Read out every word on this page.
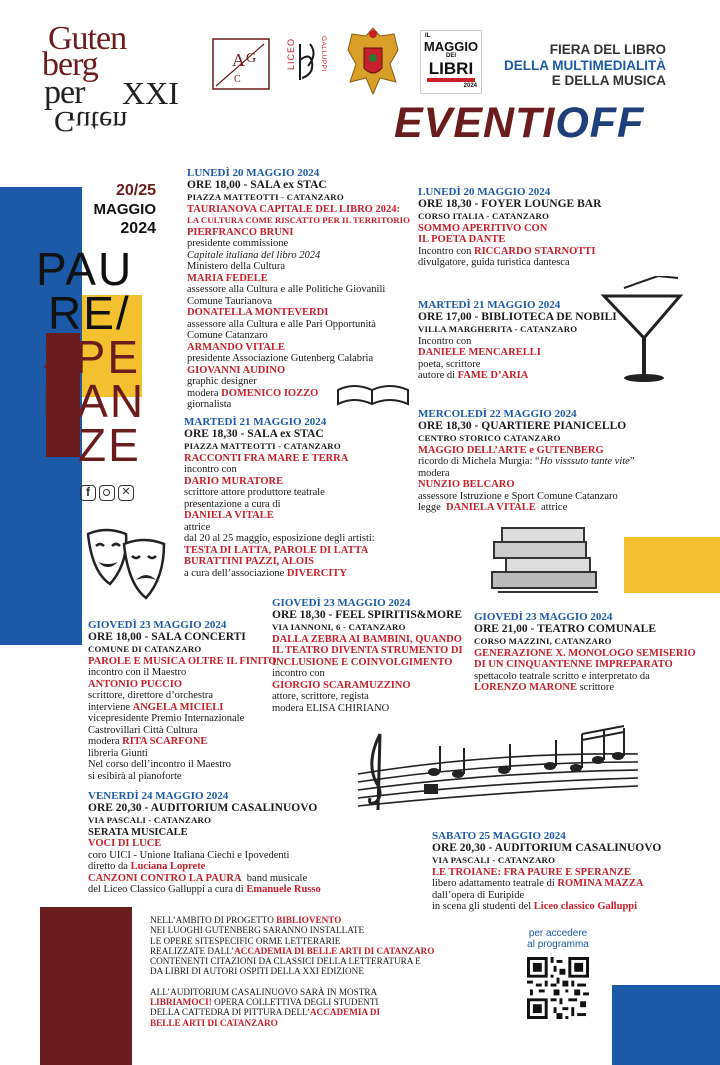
Guten
berg
per XXI
Guten
A G
C
LICEO	GALLUPPI	IL
MAGGIO
DEI
LIBRI
2024
FIERA DEL LIBRO
DELLA MULTIMEDIALITÀ
E DELLA MUSICA
EVENTIOFF
20/25
MAGGIO
2024
PAU
RE/
SPE
RAN
ZE
f	✕
LUNEDÌ 20 MAGGIO 2024
ORE 18,00 - SALA ex STAC
PIAZZA MATTEOTTI - CATANZARO
TAURIANOVA CAPITALE DEL LIBRO 2024:
LA CULTURA COME RISCATTO PER IL TERRITORIO
PIERFRANCO BRUNI
presidente commissione
Capitale italiana del libro 2024
Ministero della Cultura
MARIA FEDELE
assessore alla Cultura e alle Politiche Giovanili
Comune Taurianova
DONATELLA MONTEVERDI
assessore alla Cultura e alle Pari Opportunità
Comune Catanzaro
ARMANDO VITALE
presidente Associazione Gutenberg Calabria
GIOVANNI AUDINO
graphic designer
modera DOMENICO IOZZO
giornalista
LUNEDÌ 20 MAGGIO 2024
ORE 18,30 - FOYER LOUNGE BAR
CORSO ITALIA - CATANZARO
SOMMO APERITIVO CON
IL POETA DANTE
Incontro con RICCARDO STARNOTTI
divulgatore, guida turistica dantesca
MARTEDÌ 21 MAGGIO 2024
ORE 17,00 - BIBLIOTECA DE NOBILI
VILLA MARGHERITA - CATANZARO
Incontro con
DANIELE MENCARELLI
poeta, scrittore
autore di FAME D’ARIA
MARTEDÌ 21 MAGGIO 2024
ORE 18,30 - SALA ex STAC
PIAZZA MATTEOTTI - CATANZARO
RACCONTI FRA MARE E TERRA
incontro con
DARIO MURATORE
scrittore attore produttore teatrale
presentazione a cura di
DANIELA VITALE
attrice
dal 20 al 25 maggio, esposizione degli artisti:
TESTA DI LATTA, PAROLE DI LATTA
BURATTINI PAZZI, ALOIS
a cura dell’associazione DIVERCITY
MERCOLEDÌ 22 MAGGIO 2024
ORE 18,30 - QUARTIERE PIANICELLO
CENTRO STORICO CATANZARO
MAGGIO DELL’ARTE e GUTENBERG
ricordo di Michela Murgia: “Ho visssuto tante vite”
modera
NUNZIO BELCARO
assessore Istruzione e Sport Comune Catanzaro
legge DANIELA VITALE attrice
GIOVEDÌ 23 MAGGIO 2024
ORE 18,00 - SALA CONCERTI
COMUNE DI CATANZARO
PAROLE E MUSICA OLTRE IL FINITO
incontro con il Maestro
ANTONIO PUCCIO
scrittore, direttore d’orchestra
interviene ANGELA MICIELI
vicepresidente Premio Internazionale
Castrovillari Città Cultura
modera RITA SCARFONE
libreria Giunti
Nel corso dell’incontro il Maestro
si esibirà al pianoforte
GIOVEDÌ 23 MAGGIO 2024
ORE 18,30 - FEEL SPIRITIS&MORE
VIA IANNONI, 6 - CATANZARO
DALLA ZEBRA AI BAMBINI, QUANDO
IL TEATRO DIVENTA STRUMENTO DI
INCLUSIONE E COINVOLGIMENTO
incontro con
GIORGIO SCARAMUZZINO
attore, scrittore, regista
modera ELISA CHIRIANO
GIOVEDÌ 23 MAGGIO 2024
ORE 21,00 - TEATRO COMUNALE
CORSO MAZZINI, CATANZARO
GENERAZIONE X. MONOLOGO SEMISERIO
DI UN CINQUANTENNE IMPREPARATO
spettacolo teatrale scritto e interpretato da
LORENZO MARONE scrittore
VENERDÌ 24 MAGGIO 2024
ORE 20,30 - AUDITORIUM CASALINUOVO
VIA PASCALI - CATANZARO
SERATA MUSICALE
VOCI DI LUCE
coro UICI - Unione Italiana Ciechi e Ipovedenti
diretto da Luciana Loprete
CANZONI CONTRO LA PAURA band musicale
del Liceo Classico Galluppi a cura di Emanuele Russo
SABATO 25 MAGGIO 2024
ORE 20,30 - AUDITORIUM CASALINUOVO
VIA PASCALI - CATANZARO
LE TROIANE: FRA PAURE E SPERANZE
libero adattamento teatrale di ROMINA MAZZA
dall’opera di Euripide
in scena gli studenti del Liceo classico Galluppi
NELL’AMBITO DI PROGETTO BIBLIOVENTO
NEI LUOGHI GUTENBERG SARANNO INSTALLATE
LE OPERE SITESPECIFIC ORME LETTERARIE
REALIZZATE DALL’ACCADEMIA DI BELLE ARTI DI CATANZARO
CONTENENTI CITAZIONI DA CLASSICI DELLA LETTERATURA E
DA LIBRI DI AUTORI OSPITI DELLA XXI EDIZIONE
ALL’AUDITORIUM CASALINUOVO SARÀ IN MOSTRA
LIBRIAMOCI! OPERA COLLETTIVA DEGLI STUDENTI
DELLA CATTEDRA DI PITTURA DELL’ACCADEMIA DI
BELLE ARTI DI CATANZARO
per accedere
al programma
